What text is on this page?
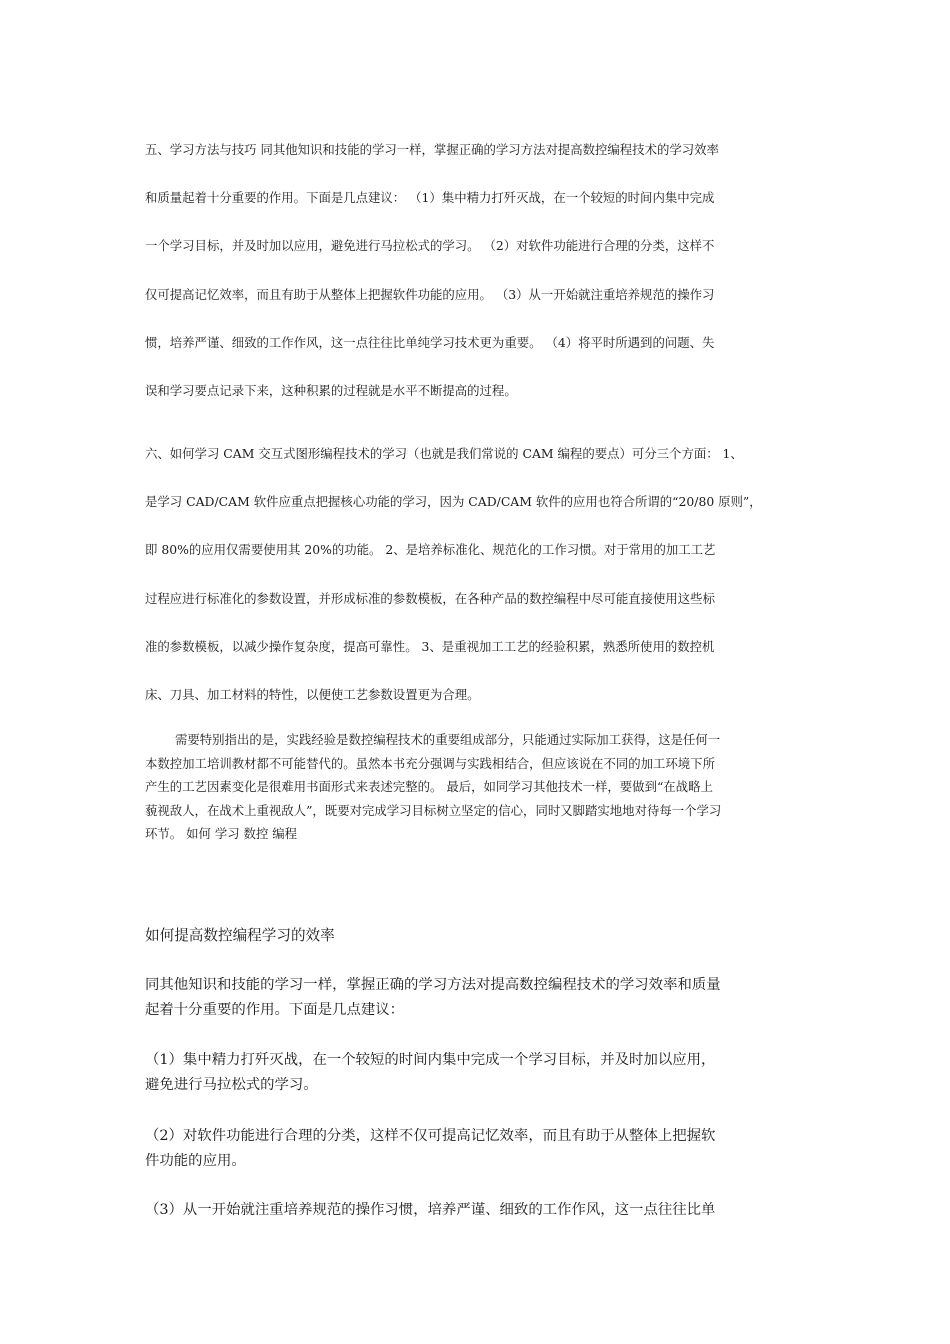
五、学习方法与技巧 同其他知识和技能的学习一样，掌握正确的学习方法对提高数控编程技术的学习效率
和质量起着十分重要的作用。下面是几点建议： （1）集中精力打歼灭战，在一个较短的时间内集中完成
一个学习目标，并及时加以应用，避免进行马拉松式的学习。 （2）对软件功能进行合理的分类，这样不
仅可提高记忆效率，而且有助于从整体上把握软件功能的应用。 （3）从一开始就注重培养规范的操作习
惯，培养严谨、细致的工作作风，这一点往往比单纯学习技术更为重要。 （4）将平时所遇到的问题、失
误和学习要点记录下来，这种积累的过程就是水平不断提高的过程。

六、如何学习 CAM 交互式图形编程技术的学习（也就是我们常说的 CAM 编程的要点）可分三个方面： 1、
是学习 CAD/CAM 软件应重点把握核心功能的学习，因为 CAD/CAM 软件的应用也符合所谓的“20/80 原则”，
即 80%的应用仅需要使用其 20%的功能。 2、是培养标准化、规范化的工作习惯。对于常用的加工工艺
过程应进行标准化的参数设置，并形成标准的参数模板，在各种产品的数控编程中尽可能直接使用这些标
准的参数模板，以减少操作复杂度，提高可靠性。 3、是重视加工工艺的经验积累，熟悉所使用的数控机
床、刀具、加工材料的特性，以便使工艺参数设置更为合理。

需要特别指出的是，实践经验是数控编程技术的重要组成部分，只能通过实际加工获得，这是任何一
本数控加工培训教材都不可能替代的。虽然本书充分强调与实践相结合，但应该说在不同的加工环境下所
产生的工艺因素变化是很难用书面形式来表述完整的。 最后，如同学习其他技术一样，要做到“在战略上
藐视敌人，在战术上重视敌人”，既要对完成学习目标树立坚定的信心，同时又脚踏实地地对待每一个学习
环节。 如何 学习 数控 编程

如何提高数控编程学习的效率

同其他知识和技能的学习一样，掌握正确的学习方法对提高数控编程技术的学习效率和质量
起着十分重要的作用。下面是几点建议：

（1）集中精力打歼灭战，在一个较短的时间内集中完成一个学习目标，并及时加以应用，
避免进行马拉松式的学习。

（2）对软件功能进行合理的分类，这样不仅可提高记忆效率，而且有助于从整体上把握软
件功能的应用。

（3）从一开始就注重培养规范的操作习惯，培养严谨、细致的工作作风，这一点往往比单
